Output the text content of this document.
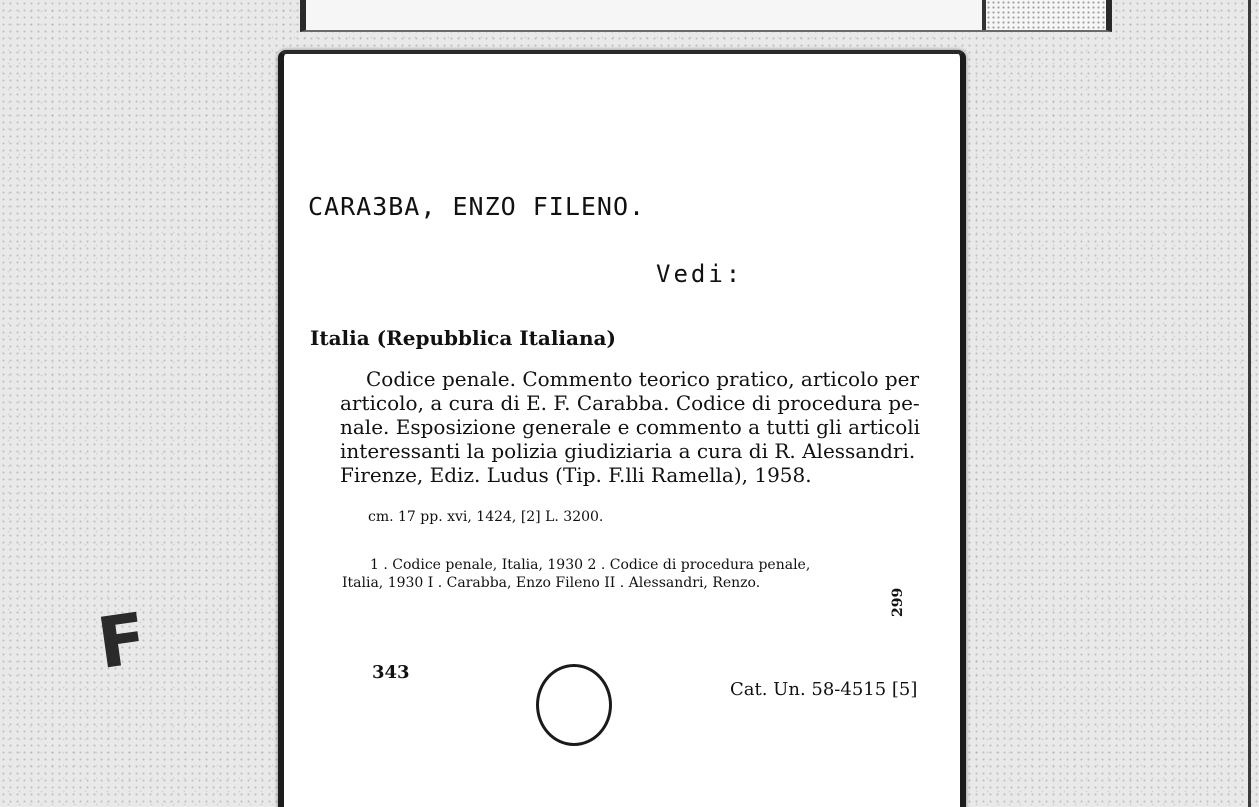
F
CARA3BA, ENZO FILENO.
Vedi:
Italia (Repubblica Italiana)
Codice penale. Commento teorico pratico, articolo per
articolo, a cura di E. F. Carabba. Codice di procedura pe-
nale. Esposizione generale e commento a tutti gli articoli
interessanti la polizia giudiziaria a cura di R. Alessandri.
Firenze, Ediz. Ludus (Tip. F.lli Ramella), 1958.
cm. 17 pp. xvi, 1424, [2] L. 3200.
1 . Codice penale, Italia, 1930 2 . Codice di procedura penale,
Italia, 1930 I . Carabba, Enzo Fileno II . Alessandri, Renzo.
299
343
Cat. Un. 58-4515 [5]
